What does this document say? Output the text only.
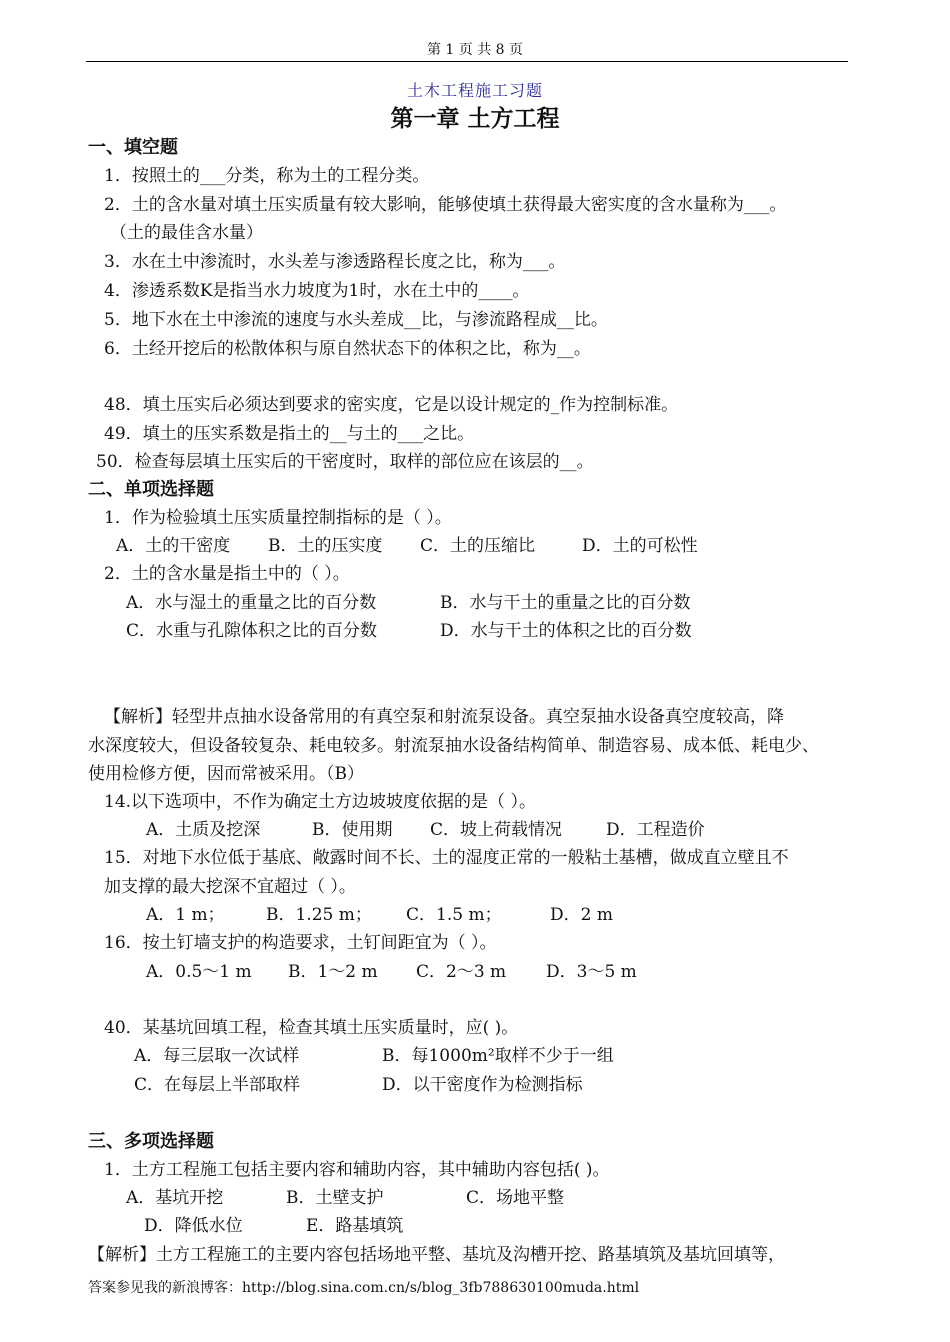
第 1 页 共 8 页
土木工程施工习题
第一章 土方工程
一、填空题
1．按照土的___分类，称为土的工程分类。
2．土的含水量对填土压实质量有较大影响，能够使填土获得最大密实度的含水量称为___。
（土的最佳含水量）
3．水在土中渗流时，水头差与渗透路程长度之比，称为___。
4．渗透系数K是指当水力坡度为1时，水在土中的____。
5．地下水在土中渗流的速度与水头差成__比，与渗流路程成__比。
6．土经开挖后的松散体积与原自然状态下的体积之比，称为__。
48．填土压实后必须达到要求的密实度，它是以设计规定的_作为控制标准。
49．填土的压实系数是指土的__与土的___之比。
50．检查每层填土压实后的干密度时，取样的部位应在该层的__。
二、单项选择题
1．作为检验填土压实质量控制指标的是（ ）。
A．土的干密度 B．土的压实度 C．土的压缩比	D．土的可松性
2．土的含水量是指土中的（ ）。
A．水与湿土的重量之比的百分数	B．水与干土的重量之比的百分数
C．水重与孔隙体积之比的百分数	D．水与干土的体积之比的百分数
【解析】轻型井点抽水设备常用的有真空泵和射流泵设备。真空泵抽水设备真空度较高，降
水深度较大，但设备较复杂、耗电较多。射流泵抽水设备结构简单、制造容易、成本低、耗电少、
使用检修方便，因而常被采用。（B）
14.以下选项中，不作为确定土方边坡坡度依据的是（ ）。
A．土质及挖深	B．使用期 C．坡上荷载情况	D．工程造价
15．对地下水位低于基底、敞露时间不长、土的湿度正常的一般粘土基槽，做成直立壁且不
加支撑的最大挖深不宜超过（ ）。
A．1 m； B．1.25 m； C．1.5 m；	D．2 m
16．按土钉墙支护的构造要求，土钉间距宜为（ ）。
A．0.5～1 m B．1～2 m C．2～3 m D．3～5 m
40．某基坑回填工程，检查其填土压实质量时，应( )。
A．每三层取一次试样	B．每1000m²取样不少于一组
C．在每层上半部取样	D．以干密度作为检测指标
三、多项选择题
1．土方工程施工包括主要内容和辅助内容，其中辅助内容包括( )。
A．基坑开挖	B．土壁支护	C．场地平整
D．降低水位	E．路基填筑
【解析】土方工程施工的主要内容包括场地平整、基坑及沟槽开挖、路基填筑及基坑回填等，
答案参见我的新浪博客：http://blog.sina.com.cn/s/blog_3fb788630100muda.html
